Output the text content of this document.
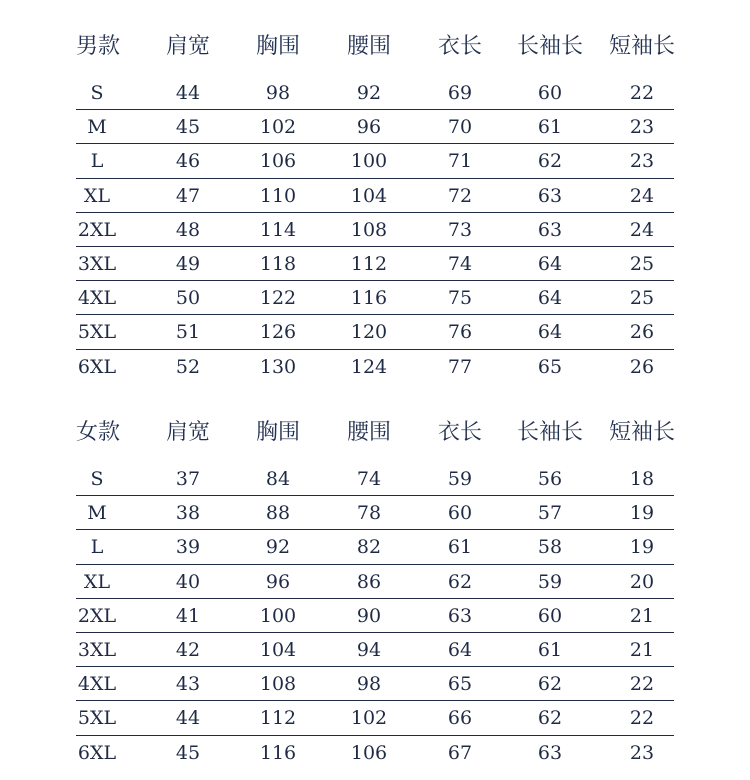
男款	肩宽	胸围	腰围	衣长	长袖长	短袖长
S	44	98	92	69	60	22
M	45	102	96	70	61	23
L	46	106	100	71	62	23
XL	47	110	104	72	63	24
2XL	48	114	108	73	63	24
3XL	49	118	112	74	64	25
4XL	50	122	116	75	64	25
5XL	51	126	120	76	64	26
6XL	52	130	124	77	65	26
女款	肩宽	胸围	腰围	衣长	长袖长	短袖长
S	37	84	74	59	56	18
M	38	88	78	60	57	19
L	39	92	82	61	58	19
XL	40	96	86	62	59	20
2XL	41	100	90	63	60	21
3XL	42	104	94	64	61	21
4XL	43	108	98	65	62	22
5XL	44	112	102	66	62	22
6XL	45	116	106	67	63	23
